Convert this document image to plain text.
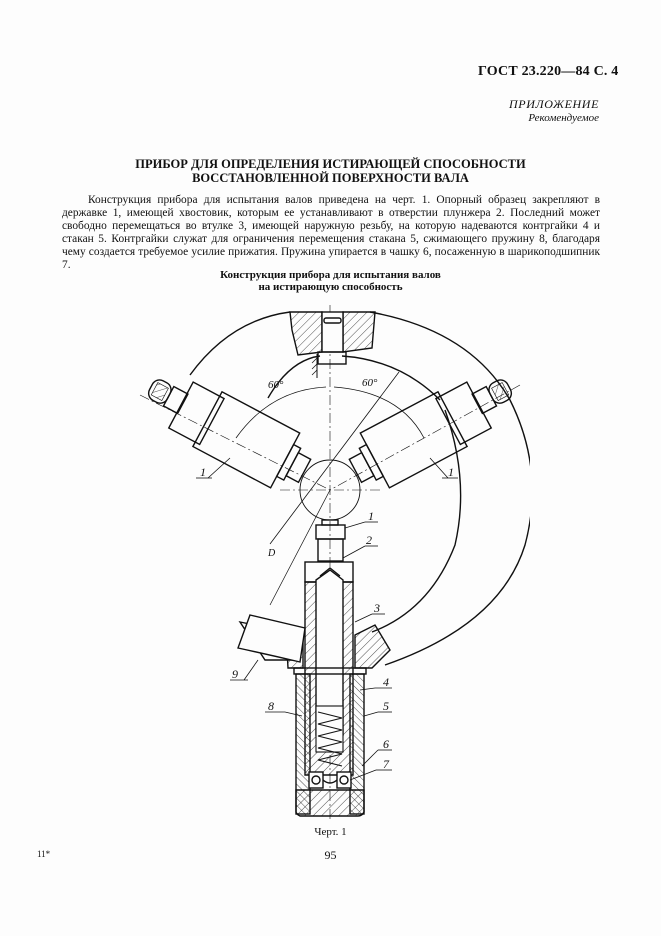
ГОСТ 23.220—84 С. 4
ПРИЛОЖЕНИЕ
Рекомендуемое
ПРИБОР ДЛЯ ОПРЕДЕЛЕНИЯ ИСТИРАЮЩЕЙ СПОСОБНОСТИ
ВОССТАНОВЛЕННОЙ ПОВЕРХНОСТИ ВАЛА
Конструкция прибора для испытания валов приведена на черт. 1. Опорный образец закрепляют в державке 1, имеющей хвостовик, которым ее устанавливают в отверстии плунжера 2. Последний может свободно перемещаться во втулке 3, имеющей наружную резьбу, на которую надеваются контргайки 4 и стакан 5. Контргайки служат для ограничения перемещения стакана 5, сжимающего пружину 8, благодаря чему создается требуемое усилие прижатия. Пружина упирается в чашку 6, посаженную в шарикоподшипник 7.
Конструкция прибора для испытания валов
на истирающую способность
60°	60°
D
1	1
1
2
3
4
5
6
7
8
9
Черт. 1
11*	95
